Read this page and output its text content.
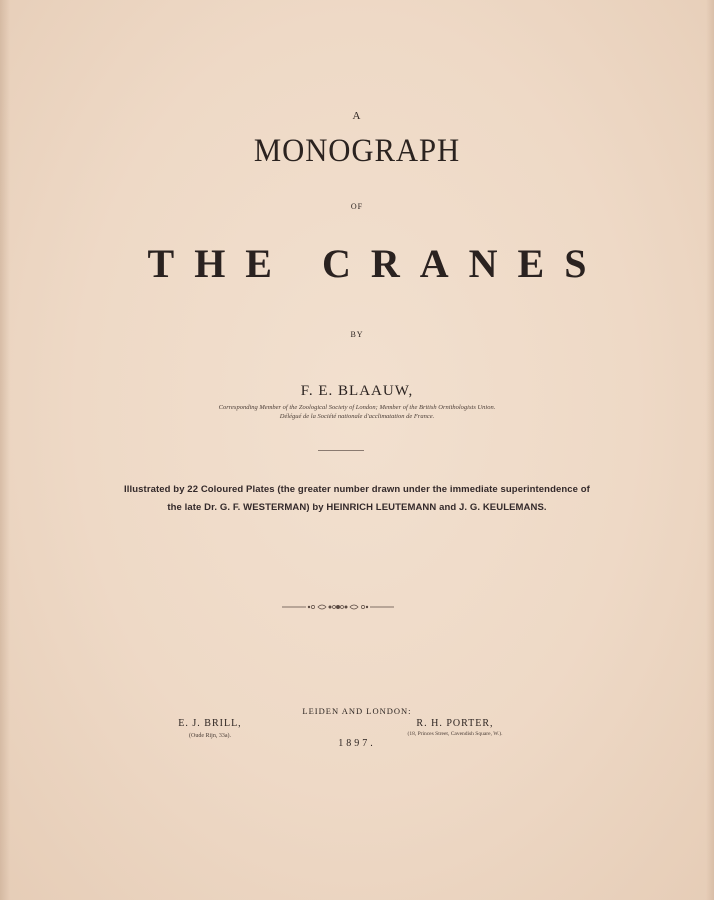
A
MONOGRAPH
OF
THE CRANES
BY
F. E. BLAAUW,
Corresponding Member of the Zoological Society of London; Member of the British Ornithologists Union.
Délégué de la Société nationale d'acclimatation de France.
Illustrated by 22 Coloured Plates (the greater number drawn under the immediate superintendence of
the late Dr. G. F. WESTERMAN) by HEINRICH LEUTEMANN and J. G. KEULEMANS.
LEIDEN AND LONDON:
E. J. BRILL,
(Oude Rijn, 33a).
R. H. PORTER,
(18, Princes Street, Cavendish Square, W.).
1897.
